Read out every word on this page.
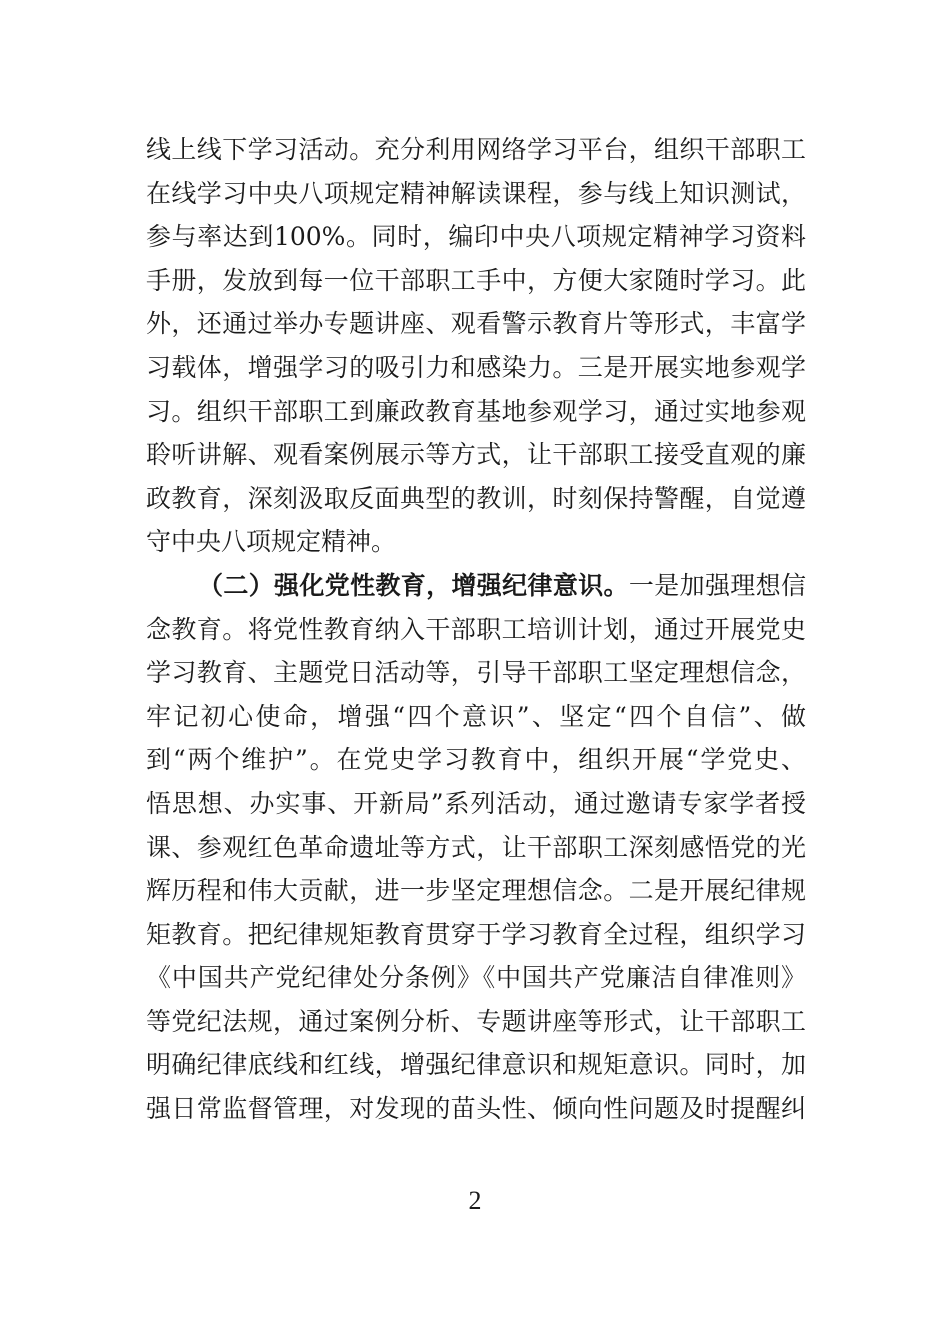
线上线下学习活动。充分利用网络学习平台，组织干部职工
在线学习中央八项规定精神解读课程，参与线上知识测试，
参与率达到100%。同时，编印中央八项规定精神学习资料
手册，发放到每一位干部职工手中，方便大家随时学习。此
外，还通过举办专题讲座、观看警示教育片等形式，丰富学
习载体，增强学习的吸引力和感染力。三是开展实地参观学
习。组织干部职工到廉政教育基地参观学习，通过实地参观
聆听讲解、观看案例展示等方式，让干部职工接受直观的廉
政教育，深刻汲取反面典型的教训，时刻保持警醒，自觉遵
守中央八项规定精神。
（二）强化党性教育，增强纪律意识。一是加强理想信
念教育。将党性教育纳入干部职工培训计划，通过开展党史
学习教育、主题党日活动等，引导干部职工坚定理想信念，
牢记初心使命，增强“四个意识”、坚定“四个自信”、做
到“两个维护”。在党史学习教育中，组织开展“学党史、
悟思想、办实事、开新局”系列活动，通过邀请专家学者授
课、参观红色革命遗址等方式，让干部职工深刻感悟党的光
辉历程和伟大贡献，进一步坚定理想信念。二是开展纪律规
矩教育。把纪律规矩教育贯穿于学习教育全过程，组织学习
《中国共产党纪律处分条例》《中国共产党廉洁自律准则》
等党纪法规，通过案例分析、专题讲座等形式，让干部职工
明确纪律底线和红线，增强纪律意识和规矩意识。同时，加
强日常监督管理，对发现的苗头性、倾向性问题及时提醒纠
2
